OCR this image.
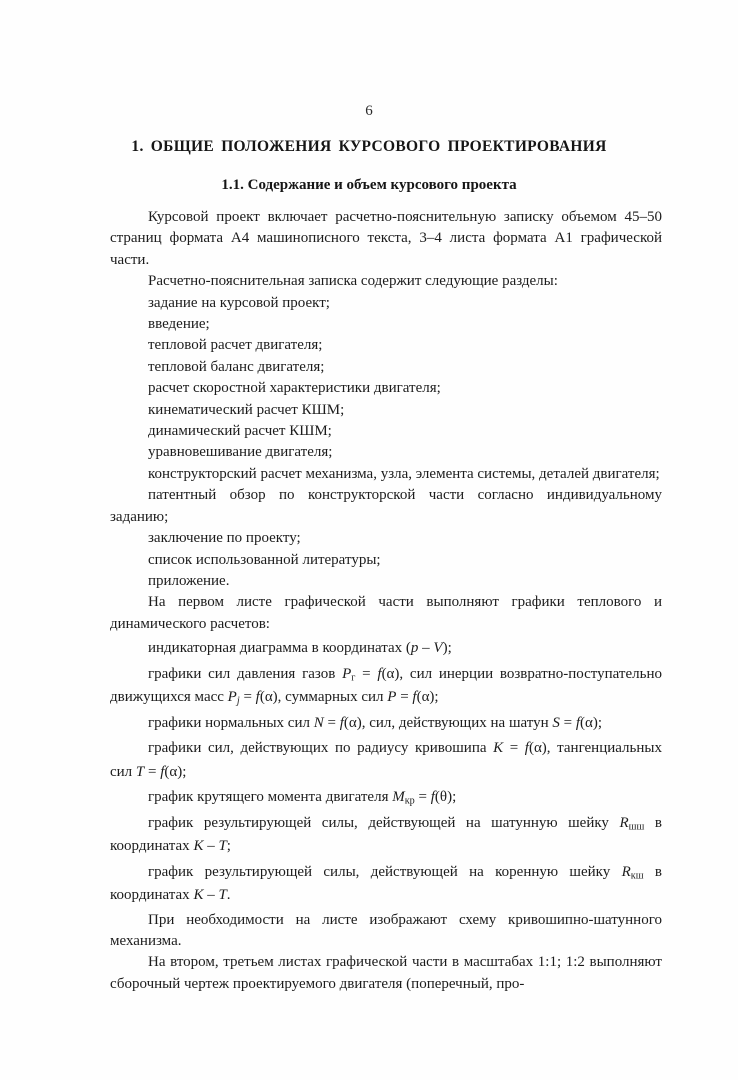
6
1. ОБЩИЕ ПОЛОЖЕНИЯ КУРСОВОГО ПРОЕКТИРОВАНИЯ
1.1. Содержание и объем курсового проекта

Курсовой проект включает расчетно-пояснительную записку объемом 45–50 страниц формата А4 машинописного текста, 3–4 листа формата А1 графической части.

Расчетно-пояснительная записка содержит следующие разделы:

задание на курсовой проект;

введение;

тепловой расчет двигателя;

тепловой баланс двигателя;

расчет скоростной характеристики двигателя;

кинематический расчет КШМ;

динамический расчет КШМ;

уравновешивание двигателя;

конструкторский расчет механизма, узла, элемента системы, деталей двигателя;

патентный обзор по конструкторской части согласно индивидуальному заданию;

заключение по проекту;

список использованной литературы;

приложение.

На первом листе графической части выполняют графики теплового и динамического расчетов:

индикаторная диаграмма в координатах (p – V);

графики сил давления газов $P_г = f(\alpha)$, сил инерции возвратно-поступательно движущихся масс $P_j = f(\alpha)$, суммарных сил P = f(α);

графики нормальных сил N = f(α), сил, действующих на шатун S = f(α);

графики сил, действующих по радиусу кривошипа K = f(α), тангенциальных сил T = f(α);

график крутящего момента двигателя $M_{кр} = f(\theta)$;

график результирующей силы, действующей на шатунную шейку $R_{шш}$ в координатах K – T;

график результирующей силы, действующей на коренную шейку $R_{кш}$ в координатах K – T.

При необходимости на листе изображают схему кривошипно-шатунного механизма.

На втором, третьем листах графической части в масштабах 1:1; 1:2 выполняют сборочный чертеж проектируемого двигателя (поперечный, про-
